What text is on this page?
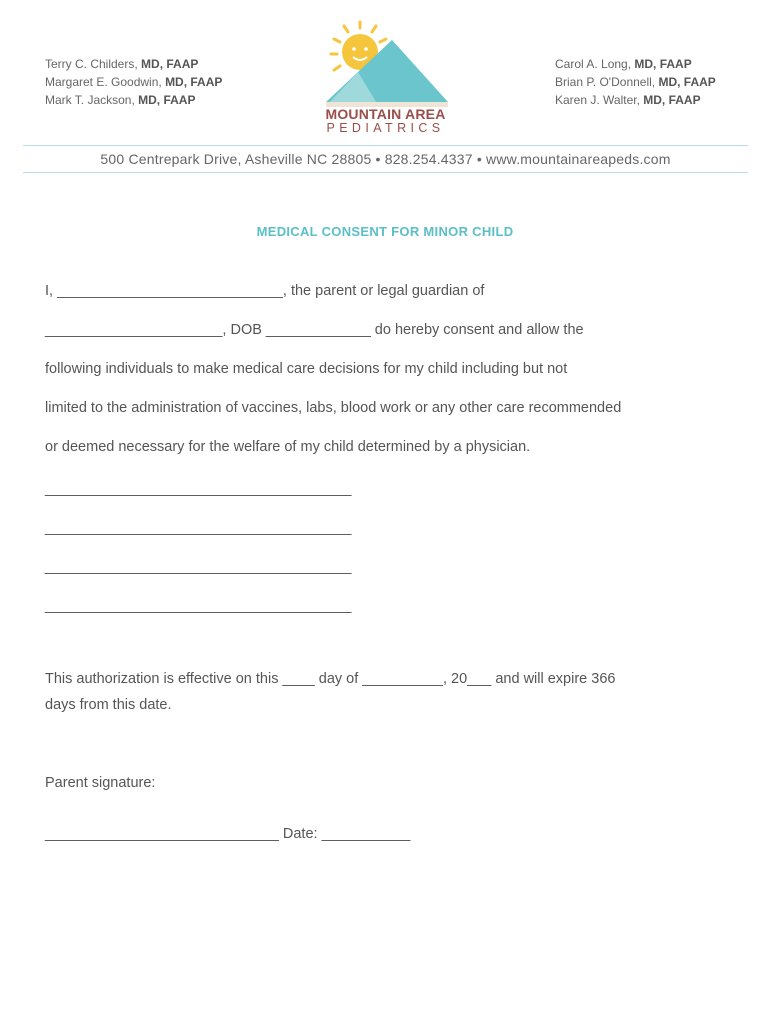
Terry C. Childers, MD, FAAP
Margaret E. Goodwin, MD, FAAP
Mark T. Jackson, MD, FAAP
Carol A. Long, MD, FAAP
Brian P. O'Donnell, MD, FAAP
Karen J. Walter, MD, FAAP
MOUNTAIN AREA
PEDIATRICS
500 Centrepark Drive, Asheville NC 28805 • 828.254.4337 • www.mountainareapeds.com
MEDICAL CONSENT FOR MINOR CHILD
I, ____________________________, the parent or legal guardian of
______________________, DOB _____________ do hereby consent and allow the
following individuals to make medical care decisions for my child including but not
limited to the administration of vaccines, labs, blood work or any other care recommended
or deemed necessary for the welfare of my child determined by a physician.
______________________________________
______________________________________
______________________________________
______________________________________
This authorization is effective on this ____ day of __________, 20___ and will expire 366
days from this date.
Parent signature:
_____________________________ Date: ___________
